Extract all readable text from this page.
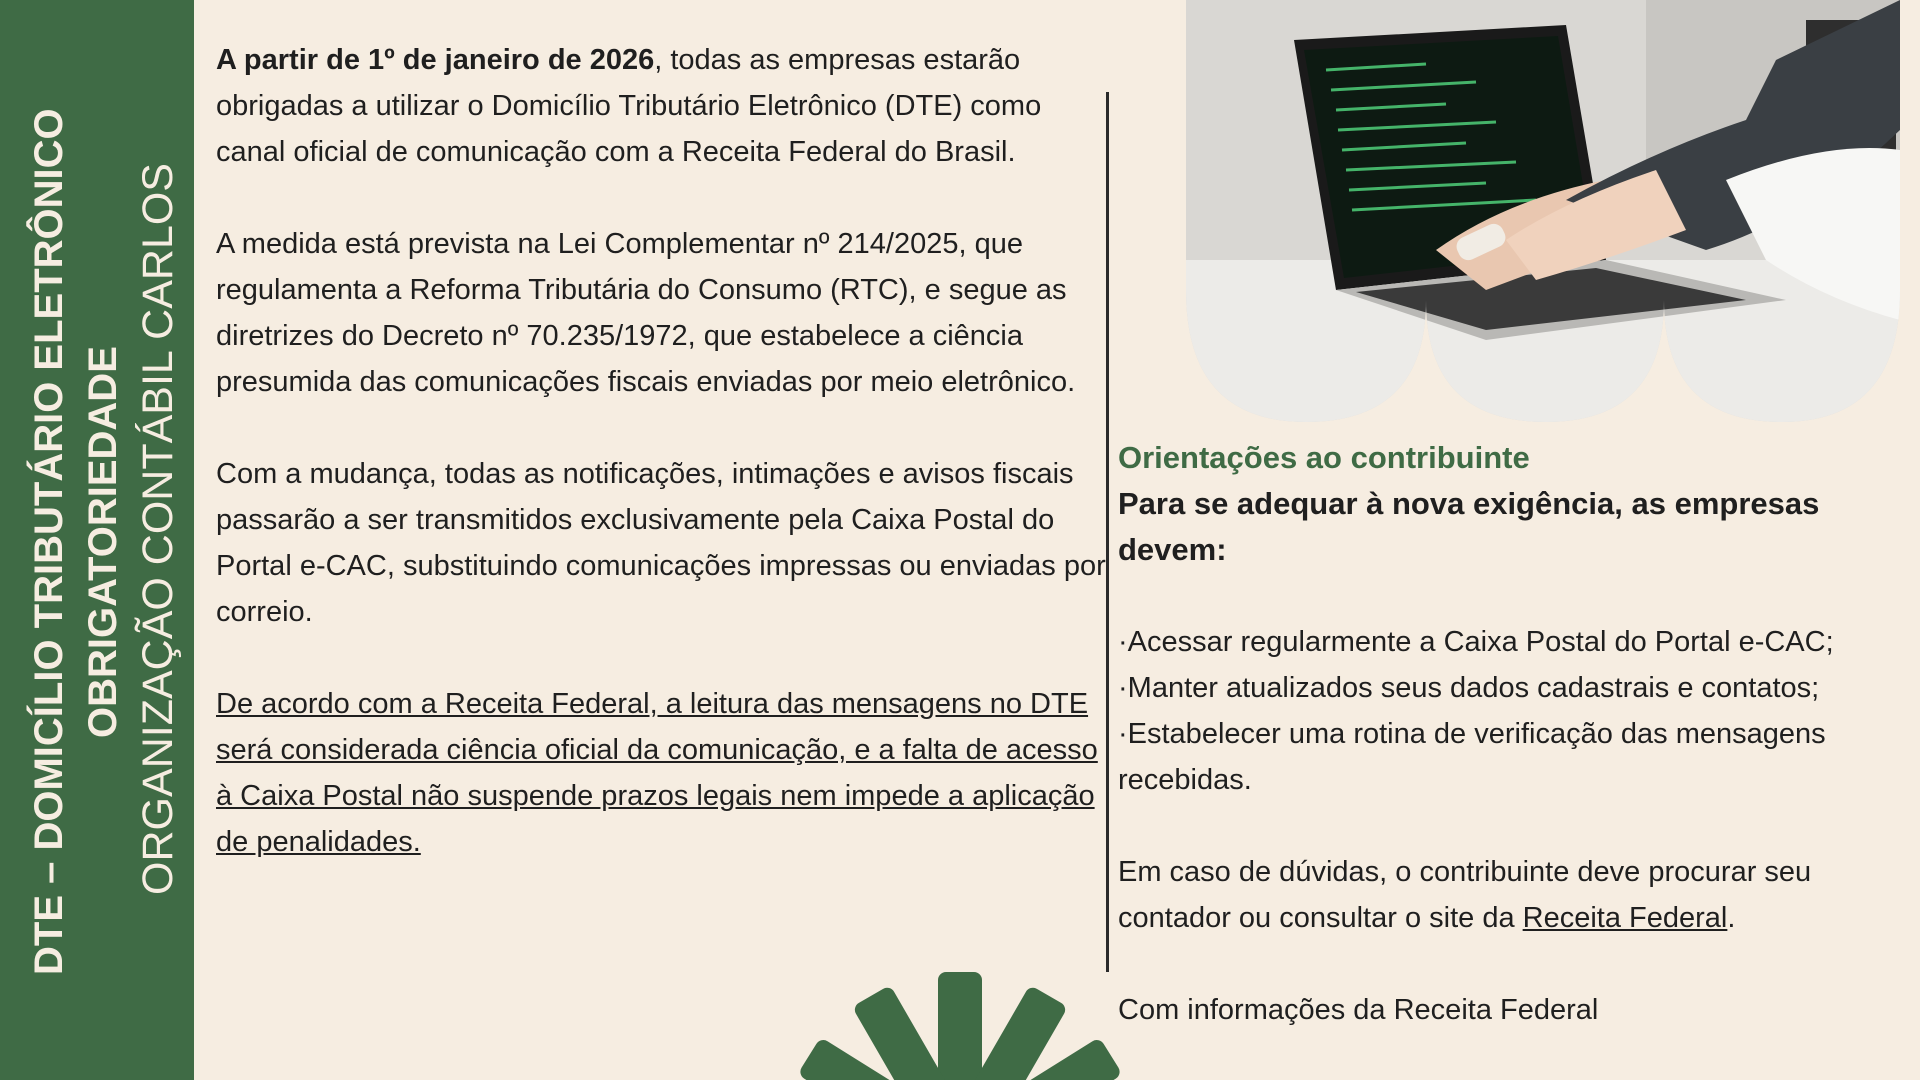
DTE – DOMICÍLIO TRIBUTÁRIO ELETRÔNICO OBRIGATORIEDADE ORGANIZAÇÃO CONTÁBIL CARLOS

A partir de 1º de janeiro de 2026, todas as empresas estarão obrigadas a utilizar o Domicílio Tributário Eletrônico (DTE) como canal oficial de comunicação com a Receita Federal do Brasil.

A medida está prevista na Lei Complementar nº 214/2025, que regulamenta a Reforma Tributária do Consumo (RTC), e segue as diretrizes do Decreto nº 70.235/1972, que estabelece a ciência presumida das comunicações fiscais enviadas por meio eletrônico.

Com a mudança, todas as notificações, intimações e avisos fiscais passarão a ser transmitidos exclusivamente pela Caixa Postal do Portal e-CAC, substituindo comunicações impressas ou enviadas por correio.

De acordo com a Receita Federal, a leitura das mensagens no DTE será considerada ciência oficial da comunicação, e a falta de acesso à Caixa Postal não suspende prazos legais nem impede a aplicação de penalidades.

Orientações ao contribuinte

Para se adequar à nova exigência, as empresas devem:

·Acessar regularmente a Caixa Postal do Portal e-CAC;

·Manter atualizados seus dados cadastrais e contatos;

·Estabelecer uma rotina de verificação das mensagens recebidas.

Em caso de dúvidas, o contribuinte deve procurar seu contador ou consultar o site da Receita Federal.

Com informações da Receita Federal
